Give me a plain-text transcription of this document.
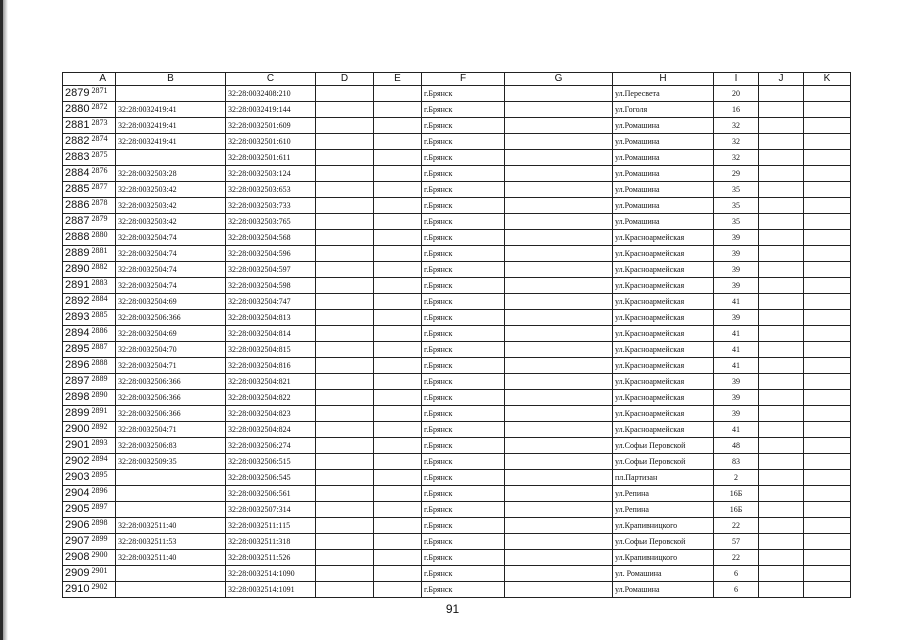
	A	B	C	D	E	F	G	H	I	J	K	
2879	2871		32:28:0032408:210			г.Брянск		ул.Пересвета	20			
2880	2872	32:28:0032419:41	32:28:0032419:144			г.Брянск		ул.Гоголя	16			
2881	2873	32:28:0032419:41	32:28:0032501:609			г.Брянск		ул.Ромашина	32			
2882	2874	32:28:0032419:41	32:28:0032501:610			г.Брянск		ул.Ромашина	32			
2883	2875		32:28:0032501:611			г.Брянск		ул.Ромашина	32			
2884	2876	32:28:0032503:28	32:28:0032503:124			г.Брянск		ул.Ромашина	29			
2885	2877	32:28:0032503:42	32:28:0032503:653			г.Брянск		ул.Ромашина	35			
2886	2878	32:28:0032503:42	32:28:0032503:733			г.Брянск		ул.Ромашина	35			
2887	2879	32:28:0032503:42	32:28:0032503:765			г.Брянск		ул.Ромашина	35			
2888	2880	32:28:0032504:74	32:28:0032504:568			г.Брянск		ул.Красноармейская	39			
2889	2881	32:28:0032504:74	32:28:0032504:596			г.Брянск		ул.Красноармейская	39			
2890	2882	32:28:0032504:74	32:28:0032504:597			г.Брянск		ул.Красноармейская	39			
2891	2883	32:28:0032504:74	32:28:0032504:598			г.Брянск		ул.Красноармейская	39			
2892	2884	32:28:0032504:69	32:28:0032504:747			г.Брянск		ул.Красноармейская	41			
2893	2885	32:28:0032506:366	32:28:0032504:813			г.Брянск		ул.Красноармейская	39			
2894	2886	32:28:0032504:69	32:28:0032504:814			г.Брянск		ул.Красноармейская	41			
2895	2887	32:28:0032504:70	32:28:0032504:815			г.Брянск		ул.Красноармейская	41			
2896	2888	32:28:0032504:71	32:28:0032504:816			г.Брянск		ул.Красноармейская	41			
2897	2889	32:28:0032506:366	32:28:0032504:821			г.Брянск		ул.Красноармейская	39			
2898	2890	32:28:0032506:366	32:28:0032504:822			г.Брянск		ул.Красноармейская	39			
2899	2891	32:28:0032506:366	32:28:0032504:823			г.Брянск		ул.Красноармейская	39			
2900	2892	32:28:0032504:71	32:28:0032504:824			г.Брянск		ул.Красноармейская	41			
2901	2893	32:28:0032506:83	32:28:0032506:274			г.Брянск		ул.Софьи Перовской	48			
2902	2894	32:28:0032509:35	32:28:0032506:515			г.Брянск		ул.Софьи Перовской	83			
2903	2895		32:28:0032506:545			г.Брянск		пл.Партизан	2			
2904	2896		32:28:0032506:561			г.Брянск		ул.Репина	16Б			
2905	2897		32:28:0032507:314			г.Брянск		ул.Репина	16Б			
2906	2898	32:28:0032511:40	32:28:0032511:115			г.Брянск		ул.Крапивницкого	22			
2907	2899	32:28:0032511:53	32:28:0032511:318			г.Брянск		ул.Софьи Перовской	57			
2908	2900	32:28:0032511:40	32:28:0032511:526			г.Брянск		ул.Крапивницкого	22			
2909	2901		32:28:0032514:1090			г.Брянск		ул. Ромашина	6			
2910	2902		32:28:0032514:1091			г.Брянск		ул.Ромашина	6			
91
